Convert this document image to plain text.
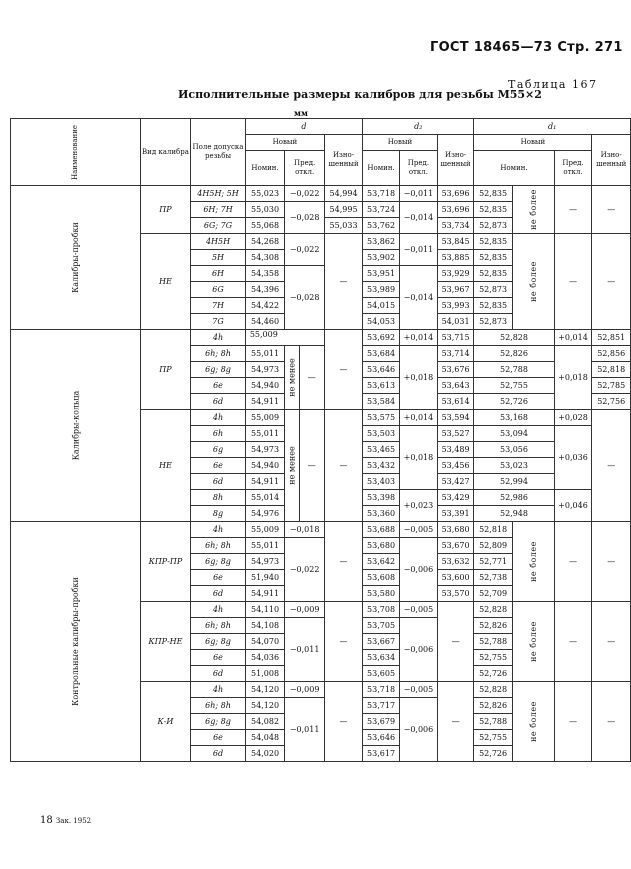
ГОСТ 18465—73 Стр. 271
Таблица 167
Исполнительные размеры калибров для резьбы М55×2
мм
Наименование	Вид калибра	Поле допуска резьбы	d			d₂			d₁			
			Новый		Изно- шенный	Новый		Изно- шенный	Новый			Изно- шенный
			Номин.	Пред. откл.		Номин.	Пред. откл.		Номин.		Пред. откл.	
Калибры-пробки	ПР	4H5H; 5H	55,023	−0,022	54,994	53,718	−0,011	53,696	52,835	не более	—	—
		6H; 7H	55,030	−0,028	54,995	53,724	−0,014	53,696	52,835			
		6G; 7G	55,068		55,033	53,762		53,734	52,873			
	НЕ	4H5H	54,268	−0,022	—	53,862	−0,011	53,845	52,835	не более	—	—
		5H	54,308			53,902		53,885	52,835			
		6H	54,358	−0,028		53,951	−0,014	53,929	52,835			
		6G	54,396			53,989		53,967	52,873			
		7H	54,422			54,015		53,993	52,835			
		7G	54,460			54,053		54,031	52,873			
Калибры-кольца	ПР	4h	55,009		—	53,692	+0,014	53,715	52,828		+0,014	52,851
		6h; 8h	55,011	не менее —		53,684	+0,018	53,714	52,826		+0,018	52,856
		6g; 8g	54,973			53,646		53,676	52,788			52,818
		6e	54,940			53,613		53,643	52,755			52,785
		6d	54,911			53,584		53,614	52,726			52,756
	НЕ	4h	55,009	не менее —	—	53,575	+0,014	53,594	53,168		+0,028	—
		6h	55,011			53,503	+0,018	53,527	53,094		+0,036	
		6g	54,973			53,465		53,489	53,056			
		6e	54,940			53,432		53,456	53,023			
		6d	54,911			53,403		53,427	52,994			
		8h	55,014			53,398	+0,023	53,429	52,986		+0,046	
		8g	54,976			53,360		53,391	52,948			
Контрольные калибры-пробки	КПР-ПР	4h	55,009	−0,018	—	53,688	−0,005	53,680	52,818	не более	—	—
		6h; 8h	55,011	−0,022		53,680	−0,006	53,670	52,809			
		6g; 8g	54,973			53,642		53,632	52,771			
		6e	51,940			53,608		53,600	52,738			
		6d	54,911			53,580		53,570	52,709			
	КПР-НЕ	4h	54,110	−0,009	—	53,708	−0,005	—	52,828	не более	—	—
		6h; 8h	54,108	−0,011		53,705	−0,006		52,826			
		6g; 8g	54,070			53,667			52,788			
		6e	54,036			53,634			52,755			
		6d	51,008			53,605			52,726			
	К-И	4h	54,120	−0,009	—	53,718	−0,005	—	52,828	не более	—	—
		6h; 8h	54,120	−0,011		53,717	−0,006		52,826			
		6g; 8g	54,082			53,679			52,788			
		6e	54,048			53,646			52,755			
		6d	54,020			53,617			52,726			
18 Зак. 1952
